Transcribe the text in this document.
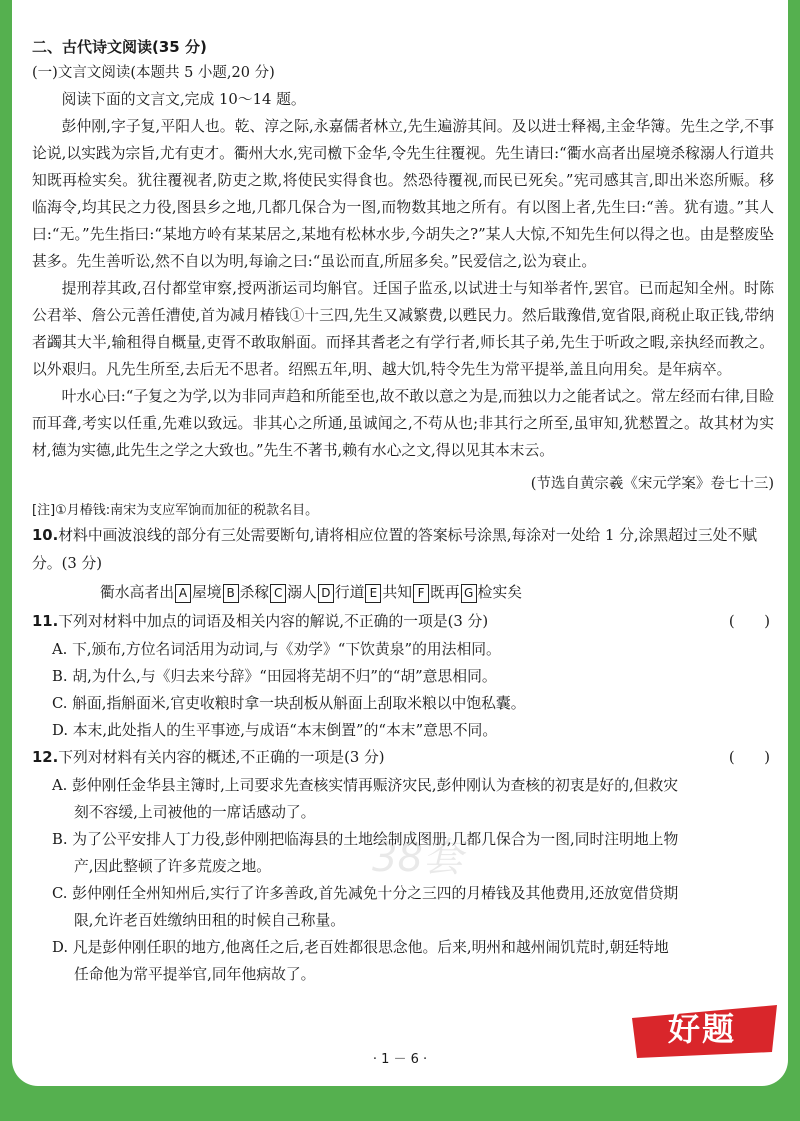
二、古代诗文阅读(35 分)
(一)文言文阅读(本题共 5 小题,20 分)

阅读下面的文言文,完成 10～14 题。

彭仲刚,字子复,平阳人也。乾、淳之际,永嘉儒者林立,先生遍游其间。及以进士释褐,主金华簿。先生之学,不事论说,以实践为宗旨,尤有吏才。衢州大水,宪司檄下金华,令先生往覆视。先生请曰:“衢水高者出屋境杀稼溺人行道共知既再检实矣。犹往覆视者,防吏之欺,将使民实得食也。然恐待覆视,而民已死矣。”宪司感其言,即出米恣所赈。移临海令,均其民之力役,图县乡之地,几都几保合为一图,而物数其地之所有。有以图上者,先生曰:“善。犹有遗。”其人曰:“无。”先生指曰:“某地方岭有某某居之,某地有松林水步,今胡失之?”某人大惊,不知先生何以得之也。由是整废坠甚多。先生善听讼,然不自以为明,每谕之曰:“虽讼而直,所屈多矣。”民爱信之,讼为衰止。

提刑荐其政,召付都堂审察,授两浙运司均斛官。迁国子监丞,以试进士与知举者忤,罢官。已而起知全州。时陈公君举、詹公元善任漕使,首为减月椿钱①十三四,先生又减繁费,以甦民力。然后戢豫借,宽省限,商税止取正钱,带纳者蠲其大半,输租得自概量,吏胥不敢取斛面。而择其耆老之有学行者,师长其子弟,先生于听政之暇,亲执经而教之。以外艰归。凡先生所至,去后无不思者。绍熙五年,明、越大饥,特令先生为常平提举,盖且向用矣。是年病卒。

叶水心曰:“子复之为学,以为非同声趋和所能至也,故不敢以意之为是,而独以力之能者试之。常左经而右律,目睑而耳聋,考实以任重,先难以致远。非其心之所通,虽诚闻之,不苟从也;非其行之所至,虽审知,犹慭置之。故其材为实材,德为实德,此先生之学之大致也。”先生不著书,赖有水心之文,得以见其本末云。

(节选自黄宗羲《宋元学案》卷七十三)
[注]①月椿钱:南宋为支应军饷而加征的税款名目。
10.材料中画波浪线的部分有三处需要断句,请将相应位置的答案标号涂黑,每涂对一处给 1 分,涂黑超过三处不赋分。(3 分)
衢水高者出 A 屋境 B 杀稼 C 溺人 D 行道 E 共知 F 既再 G 检实矣
11.下列对材料中加点的词语及相关内容的解说,不正确的一项是(3 分)	(　　)
A. 下,颁布,方位名词活用为动词,与《劝学》“下饮黄泉”的用法相同。
B. 胡,为什么,与《归去来兮辞》“田园将芜胡不归”的“胡”意思相同。
C. 斛面,指斛面米,官吏收粮时拿一块刮板从斛面上刮取米粮以中饱私囊。
D. 本末,此处指人的生平事迹,与成语“本末倒置”的“本末”意思不同。
12.下列对材料有关内容的概述,不正确的一项是(3 分)	(　　)
A. 彭仲刚任金华县主簿时,上司要求先查核实情再赈济灾民,彭仲刚认为查核的初衷是好的,但救灾
刻不容缓,上司被他的一席话感动了。
B. 为了公平安排人丁力役,彭仲刚把临海县的土地绘制成图册,几都几保合为一图,同时注明地上物
产,因此整顿了许多荒废之地。
C. 彭仲刚任全州知州后,实行了许多善政,首先减免十分之三四的月椿钱及其他费用,还放宽借贷期
限,允许老百姓缴纳田租的时候自己称量。
D. 凡是彭仲刚任职的地方,他离任之后,老百姓都很思念他。后来,明州和越州闹饥荒时,朝廷特地
任命他为常平提举官,同年他病故了。
38套
· 1 － 6 ·
好题
